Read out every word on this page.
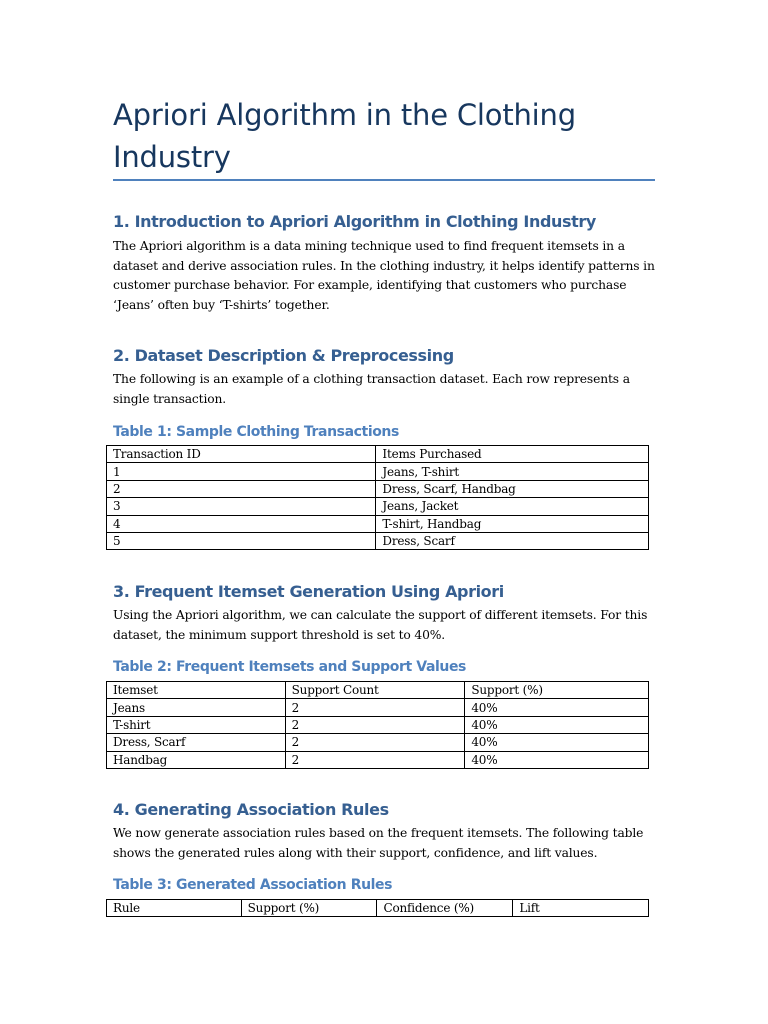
Apriori Algorithm in the Clothing Industry
1. Introduction to Apriori Algorithm in Clothing Industry
The Apriori algorithm is a data mining technique used to find frequent itemsets in a dataset and derive association rules. In the clothing industry, it helps identify patterns in customer purchase behavior. For example, identifying that customers who purchase ‘Jeans’ often buy ‘T-shirts’ together.
2. Dataset Description & Preprocessing
The following is an example of a clothing transaction dataset. Each row represents a single transaction.
Table 1: Sample Clothing Transactions
Transaction ID	Items Purchased
1	Jeans, T-shirt
2	Dress, Scarf, Handbag
3	Jeans, Jacket
4	T-shirt, Handbag
5	Dress, Scarf
3. Frequent Itemset Generation Using Apriori
Using the Apriori algorithm, we can calculate the support of different itemsets. For this dataset, the minimum support threshold is set to 40%.
Table 2: Frequent Itemsets and Support Values
Itemset	Support Count	Support (%)
Jeans	2	40%
T-shirt	2	40%
Dress, Scarf	2	40%
Handbag	2	40%
4. Generating Association Rules
We now generate association rules based on the frequent itemsets. The following table shows the generated rules along with their support, confidence, and lift values.
Table 3: Generated Association Rules
Rule	Support (%)	Confidence (%)	Lift
